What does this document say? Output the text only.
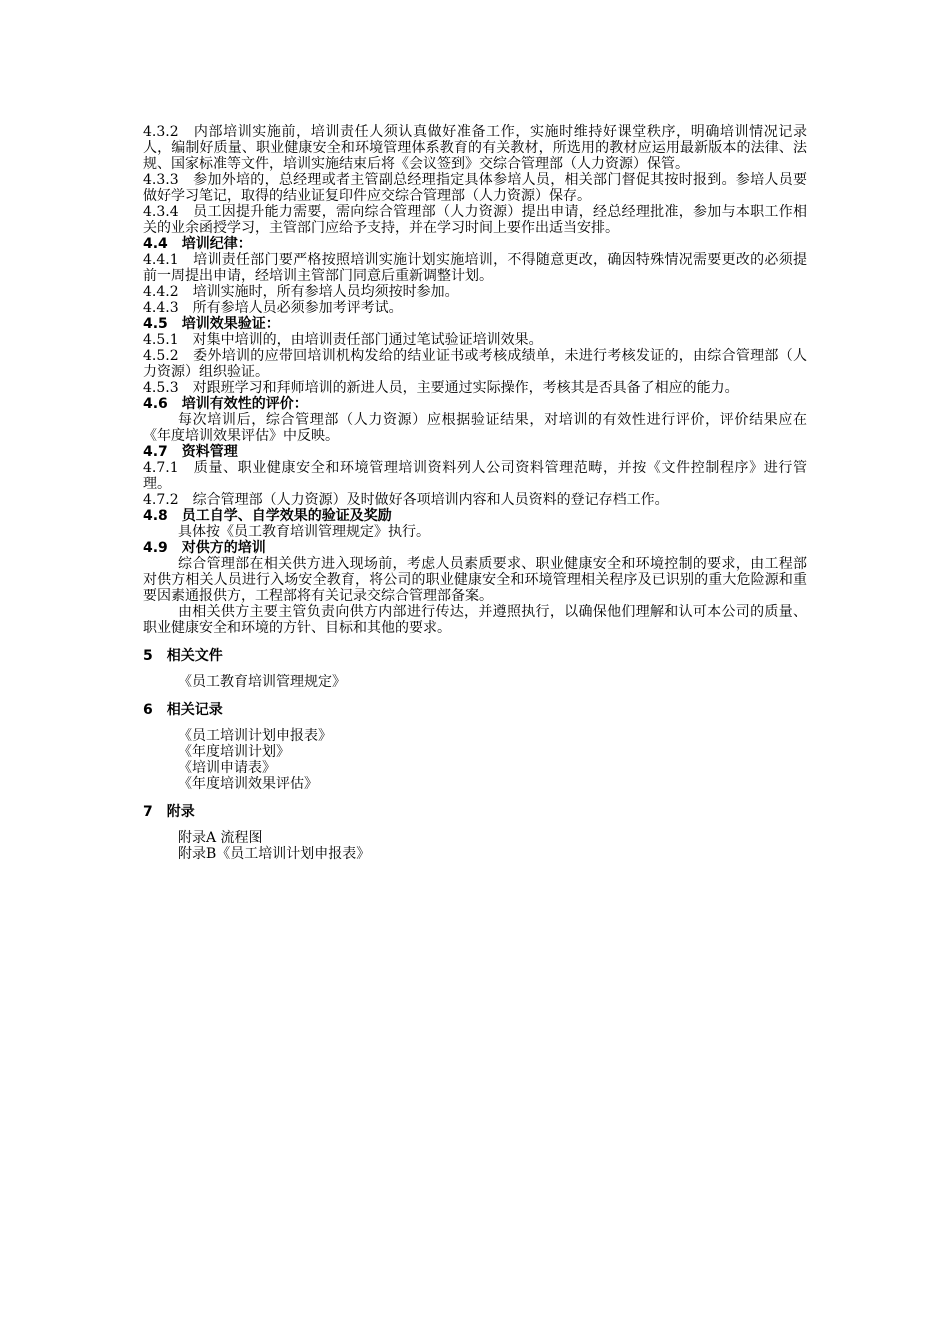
4.3.2　内部培训实施前，培训责任人须认真做好准备工作，实施时维持好课堂秩序，明确培训情况记录人，编制好质量、职业健康安全和环境管理体系教育的有关教材，所选用的教材应运用最新版本的法律、法规、国家标准等文件，培训实施结束后将《会议签到》交综合管理部（人力资源）保管。
4.3.3　参加外培的，总经理或者主管副总经理指定具体参培人员，相关部门督促其按时报到。参培人员要做好学习笔记，取得的结业证复印件应交综合管理部（人力资源）保存。
4.3.4　员工因提升能力需要，需向综合管理部（人力资源）提出申请，经总经理批准，参加与本职工作相关的业余函授学习，主管部门应给予支持，并在学习时间上要作出适当安排。
4.4　培训纪律：
4.4.1　培训责任部门要严格按照培训实施计划实施培训，不得随意更改，确因特殊情况需要更改的必须提前一周提出申请，经培训主管部门同意后重新调整计划。
4.4.2　培训实施时，所有参培人员均须按时参加。
4.4.3　所有参培人员必须参加考评考试。
4.5　培训效果验证：
4.5.1　对集中培训的，由培训责任部门通过笔试验证培训效果。
4.5.2　委外培训的应带回培训机构发给的结业证书或考核成绩单，未进行考核发证的，由综合管理部（人力资源）组织验证。
4.5.3　对跟班学习和拜师培训的新进人员，主要通过实际操作，考核其是否具备了相应的能力。
4.6　培训有效性的评价：
每次培训后，综合管理部（人力资源）应根据验证结果，对培训的有效性进行评价，评价结果应在《年度培训效果评估》中反映。
4.7　资料管理
4.7.1　质量、职业健康安全和环境管理培训资料列人公司资料管理范畴，并按《文件控制程序》进行管理。
4.7.2　综合管理部（人力资源）及时做好各项培训内容和人员资料的登记存档工作。
4.8　员工自学、自学效果的验证及奖励
具体按《员工教育培训管理规定》执行。
4.9　对供方的培训
综合管理部在相关供方进入现场前，考虑人员素质要求、职业健康安全和环境控制的要求，由工程部对供方相关人员进行入场安全教育，将公司的职业健康安全和环境管理相关程序及已识别的重大危险源和重要因素通报供方，工程部将有关记录交综合管理部备案。
由相关供方主要主管负责向供方内部进行传达，并遵照执行，以确保他们理解和认可本公司的质量、职业健康安全和环境的方针、目标和其他的要求。
5　相关文件
《员工教育培训管理规定》
6　相关记录
《员工培训计划申报表》
《年度培训计划》
《培训申请表》
《年度培训效果评估》
7　附录
附录A 流程图
附录B《员工培训计划申报表》
